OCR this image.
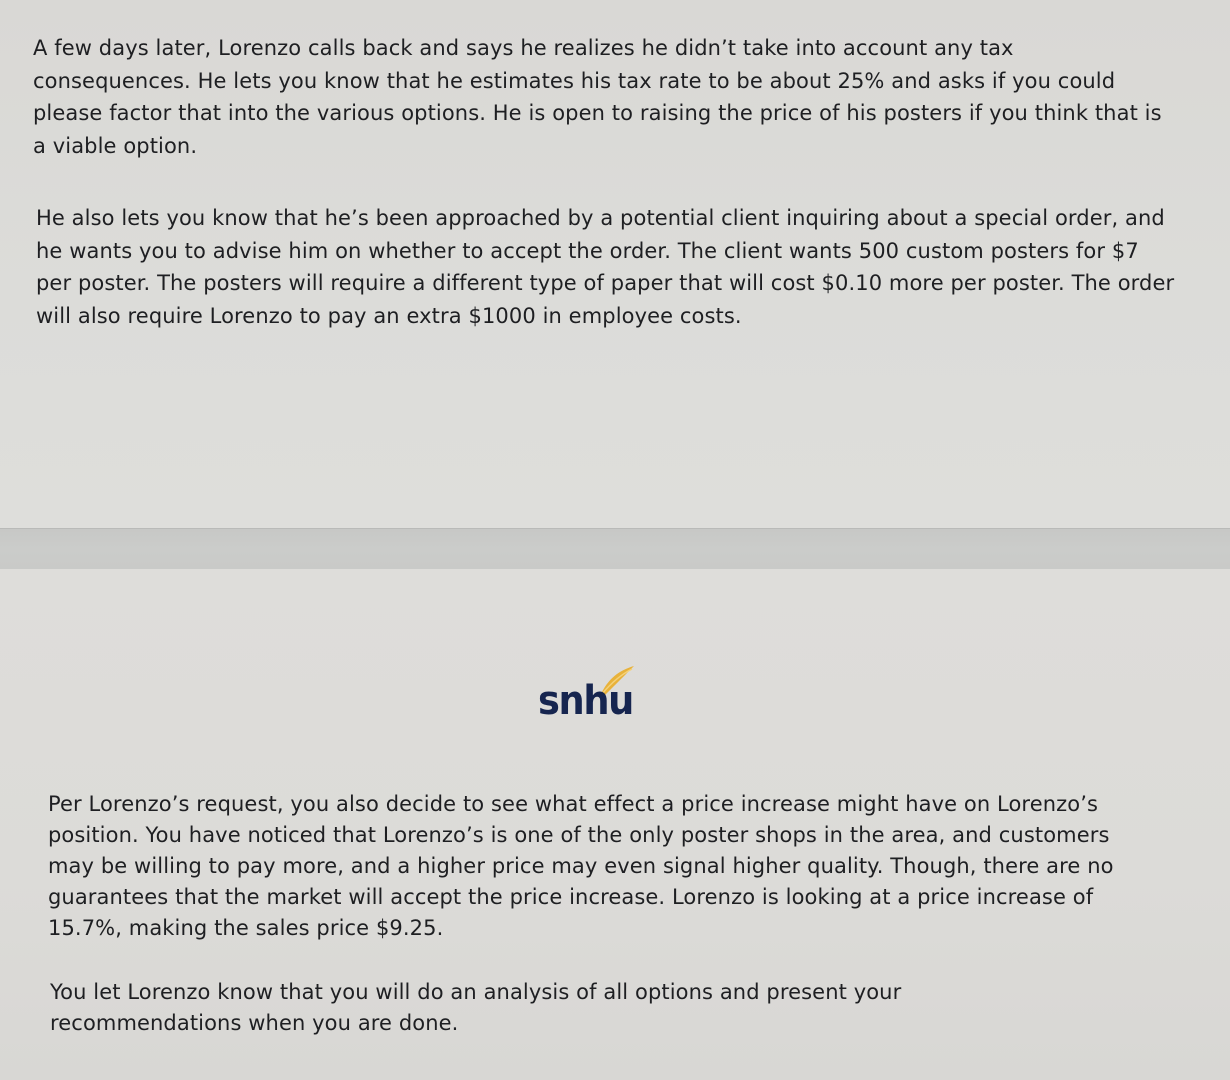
A few days later, Lorenzo calls back and says he realizes he didn’t take into account any tax consequences. He lets you know that he estimates his tax rate to be about 25% and asks if you could please factor that into the various options. He is open to raising the price of his posters if you think that is a viable option.

He also lets you know that he’s been approached by a potential client inquiring about a special order, and he wants you to advise him on whether to accept the order. The client wants 500 custom posters for $7 per poster. The posters will require a different type of paper that will cost $0.10 more per poster. The order will also require Lorenzo to pay an extra $1000 in employee costs.

snhu

Per Lorenzo’s request, you also decide to see what effect a price increase might have on Lorenzo’s position. You have noticed that Lorenzo’s is one of the only poster shops in the area, and customers may be willing to pay more, and a higher price may even signal higher quality. Though, there are no guarantees that the market will accept the price increase. Lorenzo is looking at a price increase of 15.7%, making the sales price $9.25.

You let Lorenzo know that you will do an analysis of all options and present your recommendations when you are done.
